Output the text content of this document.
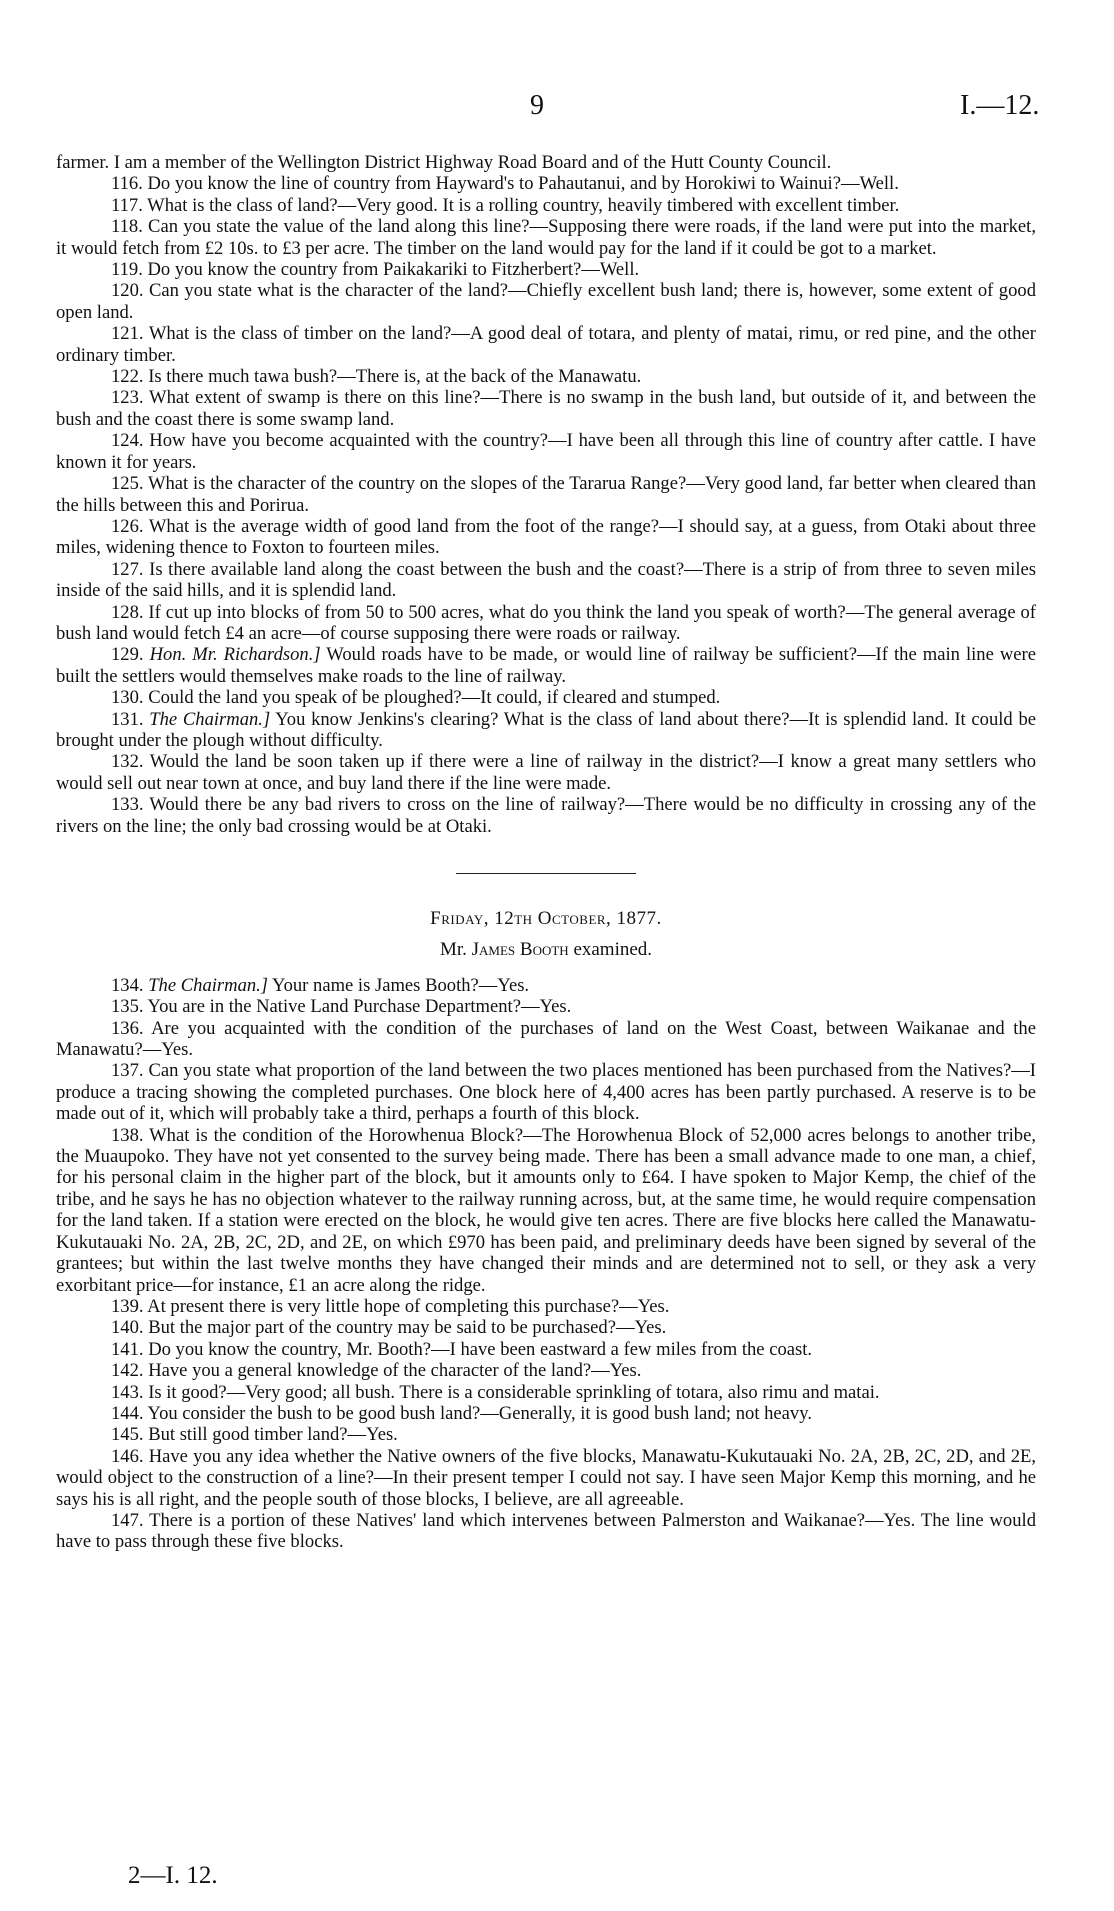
9	I.—12.

farmer. I am a member of the Wellington District Highway Road Board and of the Hutt County Council.

116. Do you know the line of country from Hayward's to Pahautanui, and by Horokiwi to Wainui?—Well.

117. What is the class of land?—Very good. It is a rolling country, heavily timbered with excellent timber.

118. Can you state the value of the land along this line?—Supposing there were roads, if the land were put into the market, it would fetch from £2 10s. to £3 per acre. The timber on the land would pay for the land if it could be got to a market.

119. Do you know the country from Paikakariki to Fitzherbert?—Well.

120. Can you state what is the character of the land?—Chiefly excellent bush land; there is, however, some extent of good open land.

121. What is the class of timber on the land?—A good deal of totara, and plenty of matai, rimu, or red pine, and the other ordinary timber.

122. Is there much tawa bush?—There is, at the back of the Manawatu.

123. What extent of swamp is there on this line?—There is no swamp in the bush land, but outside of it, and between the bush and the coast there is some swamp land.

124. How have you become acquainted with the country?—I have been all through this line of country after cattle. I have known it for years.

125. What is the character of the country on the slopes of the Tararua Range?—Very good land, far better when cleared than the hills between this and Porirua.

126. What is the average width of good land from the foot of the range?—I should say, at a guess, from Otaki about three miles, widening thence to Foxton to fourteen miles.

127. Is there available land along the coast between the bush and the coast?—There is a strip of from three to seven miles inside of the said hills, and it is splendid land.

128. If cut up into blocks of from 50 to 500 acres, what do you think the land you speak of worth?—The general average of bush land would fetch £4 an acre—of course supposing there were roads or railway.

129. Hon. Mr. Richardson.] Would roads have to be made, or would line of railway be sufficient?—If the main line were built the settlers would themselves make roads to the line of railway.

130. Could the land you speak of be ploughed?—It could, if cleared and stumped.

131. The Chairman.] You know Jenkins's clearing? What is the class of land about there?—It is splendid land. It could be brought under the plough without difficulty.

132. Would the land be soon taken up if there were a line of railway in the district?—I know a great many settlers who would sell out near town at once, and buy land there if the line were made.

133. Would there be any bad rivers to cross on the line of railway?—There would be no difficulty in crossing any of the rivers on the line; the only bad crossing would be at Otaki.

Friday, 12th October, 1877.
Mr. James Booth examined.

134. The Chairman.] Your name is James Booth?—Yes.

135. You are in the Native Land Purchase Department?—Yes.

136. Are you acquainted with the condition of the purchases of land on the West Coast, between Waikanae and the Manawatu?—Yes.

137. Can you state what proportion of the land between the two places mentioned has been purchased from the Natives?—I produce a tracing showing the completed purchases. One block here of 4,400 acres has been partly purchased. A reserve is to be made out of it, which will probably take a third, perhaps a fourth of this block.

138. What is the condition of the Horowhenua Block?—The Horowhenua Block of 52,000 acres belongs to another tribe, the Muaupoko. They have not yet consented to the survey being made. There has been a small advance made to one man, a chief, for his personal claim in the higher part of the block, but it amounts only to £64. I have spoken to Major Kemp, the chief of the tribe, and he says he has no objection whatever to the railway running across, but, at the same time, he would require compensation for the land taken. If a station were erected on the block, he would give ten acres. There are five blocks here called the Manawatu-Kukutauaki No. 2A, 2B, 2C, 2D, and 2E, on which £970 has been paid, and preliminary deeds have been signed by several of the grantees; but within the last twelve months they have changed their minds and are determined not to sell, or they ask a very exorbitant price—for instance, £1 an acre along the ridge.

139. At present there is very little hope of completing this purchase?—Yes.

140. But the major part of the country may be said to be purchased?—Yes.

141. Do you know the country, Mr. Booth?—I have been eastward a few miles from the coast.

142. Have you a general knowledge of the character of the land?—Yes.

143. Is it good?—Very good; all bush. There is a considerable sprinkling of totara, also rimu and matai.

144. You consider the bush to be good bush land?—Generally, it is good bush land; not heavy.

145. But still good timber land?—Yes.

146. Have you any idea whether the Native owners of the five blocks, Manawatu-Kukutauaki No. 2A, 2B, 2C, 2D, and 2E, would object to the construction of a line?—In their present temper I could not say. I have seen Major Kemp this morning, and he says his is all right, and the people south of those blocks, I believe, are all agreeable.

147. There is a portion of these Natives' land which intervenes between Palmerston and Waikanae?—Yes. The line would have to pass through these five blocks.

2—I. 12.
